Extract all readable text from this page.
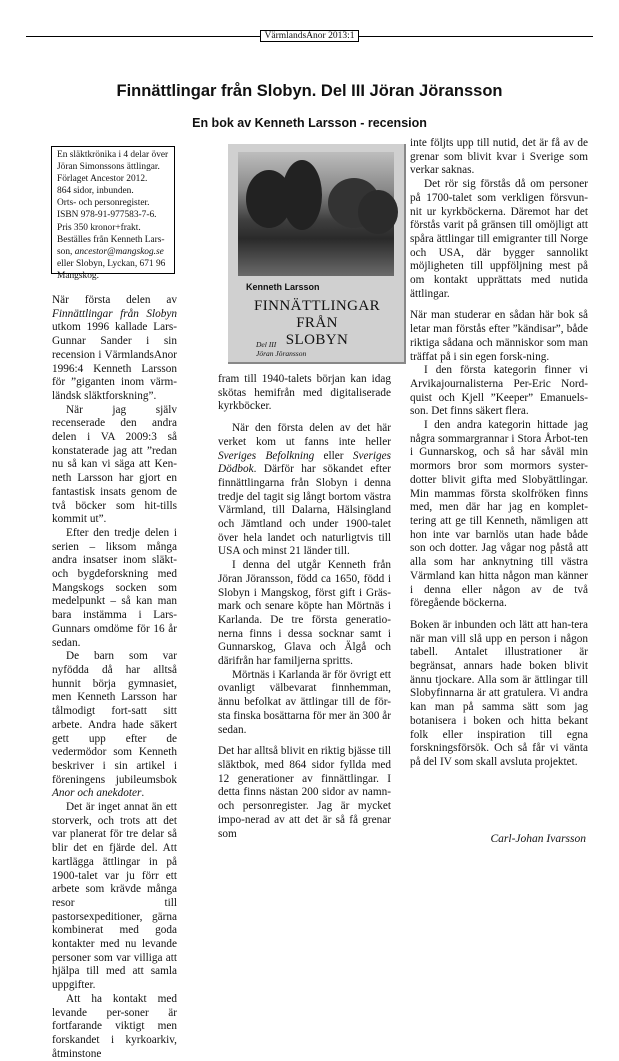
VärmlandsAnor 2013:1
Finnättlingar från Slobyn. Del III Jöran Jöransson
En bok av Kenneth Larsson - recension
En släktkrönika i 4 delar över
Jöran Simonssons ättlingar.
Förlaget Ancestor 2012.
864 sidor, inbunden.
Orts- och personregister.
ISBN 978-91-977583-7-6.
Pris 350 kronor+frakt.
Beställes från Kenneth Lars-
son, ancestor@mangskog.se
eller Slobyn, Lyckan, 671 96
Mangskog.
Kenneth Larsson
FINNÄTTLINGAR FRÅN
SLOBYN
Del III
Jöran Jöransson

När första delen av Finnättlingar från Slobyn utkom 1996 kallade Lars-Gunnar Sander i sin recension i VärmlandsAnor 1996:4 Kenneth Larsson för ”giganten inom värm-ländsk släktforskning”.

När jag själv recenserade den andra delen i VA 2009:3 så konstaterade jag att ”redan nu så kan vi säga att Ken-neth Larsson har gjort en fantastisk insats genom de två böcker som hit-tills kommit ut”.

Efter den tredje delen i serien – liksom många andra insatser inom släkt- och bygdeforskning med Mangskogs socken som medelpunkt – så kan man bara instämma i Lars-Gunnars omdöme för 16 år sedan.

De barn som var nyfödda då har alltså hunnit börja gymnasiet, men Kenneth Larsson har tålmodigt fort-satt sitt arbete. Andra hade säkert gett upp efter de vedermödor som Kenneth beskriver i sin artikel i föreningens jubileumsbok Anor och anekdoter.

Det är inget annat än ett storverk, och trots att det var planerat för tre delar så blir det en fjärde del. Att kartlägga ättlingar in på 1900-talet var ju förr ett arbete som krävde många resor till pastorsexpeditioner, gärna kombinerat med goda kontakter med nu levande personer som var villiga att hjälpa till med att samla uppgifter.

Att ha kontakt med levande per-soner är fortfarande viktigt men forskandet i kyrkoarkiv, åtminstone

fram till 1940-talets början kan idag skötas hemifrån med digitaliserade kyrkböcker.

När den första delen av det här verket kom ut fanns inte heller Sveriges Befolkning eller Sveriges Dödbok. Därför har sökandet efter finnättlingarna från Slobyn i denna tredje del tagit sig långt bortom västra Värmland, till Dalarna, Hälsingland och Jämtland och under 1900-talet över hela landet och naturligtvis till USA och minst 21 länder till.

I denna del utgår Kenneth från Jöran Jöransson, född ca 1650, född i Slobyn i Mangskog, först gift i Gräs-mark och senare köpte han Mörtnäs i Karlanda. De tre första generatio-nerna finns i dessa socknar samt i Gunnarskog, Glava och Älgå och därifrån har familjerna spritts.

Mörtnäs i Karlanda är för övrigt ett ovanligt välbevarat finnhemman, ännu befolkat av ättlingar till de för-sta finska bosättarna för mer än 300 år sedan.

Det har alltså blivit en riktig bjässe till släktbok, med 864 sidor fyllda med 12 generationer av finnättlingar. I detta finns nästan 200 sidor av namn- och personregister. Jag är mycket impo-nerad av att det är så få grenar som

inte följts upp till nutid, det är få av de grenar som blivit kvar i Sverige som verkar saknas.

Det rör sig förstås då om personer på 1700-talet som verkligen försvun-nit ur kyrkböckerna. Däremot har det förstås varit på gränsen till omöjligt att spåra ättlingar till emigranter till Norge och USA, där bygger sannolikt möjligheten till uppföljning mest på om kontakt upprättats med nutida ättlingar.

När man studerar en sådan här bok så letar man förstås efter ”kändisar”, både riktiga sådana och människor som man träffat på i sin egen forsk-ning.

I den första kategorin finner vi Arvikajournalisterna Per-Eric Nord-quist och Kjell ”Keeper” Emanuels-son. Det finns säkert flera.

I den andra kategorin hittade jag några sommargrannar i Stora Årbot-ten i Gunnarskog, och så har såväl min mormors bror som mormors syster-dotter blivit gifta med Slobyättlingar. Min mammas första skolfröken finns med, men där har jag en komplet-tering att ge till Kenneth, nämligen att hon inte var barnlös utan hade både son och dotter. Jag vågar nog påstå att alla som har anknytning till västra Värmland kan hitta någon man känner i denna eller någon av de två föregående böckerna.

Boken är inbunden och lätt att han-tera när man vill slå upp en person i någon tabell. Antalet illustrationer är begränsat, annars hade boken blivit ännu tjockare. Alla som är ättlingar till Slobyfinnarna är att gratulera. Vi andra kan man på samma sätt som jag botanisera i boken och hitta bekant folk eller inspiration till egna forskningsförsök. Och så får vi vänta på del IV som skall avsluta projektet.

Carl-Johan Ivarsson
